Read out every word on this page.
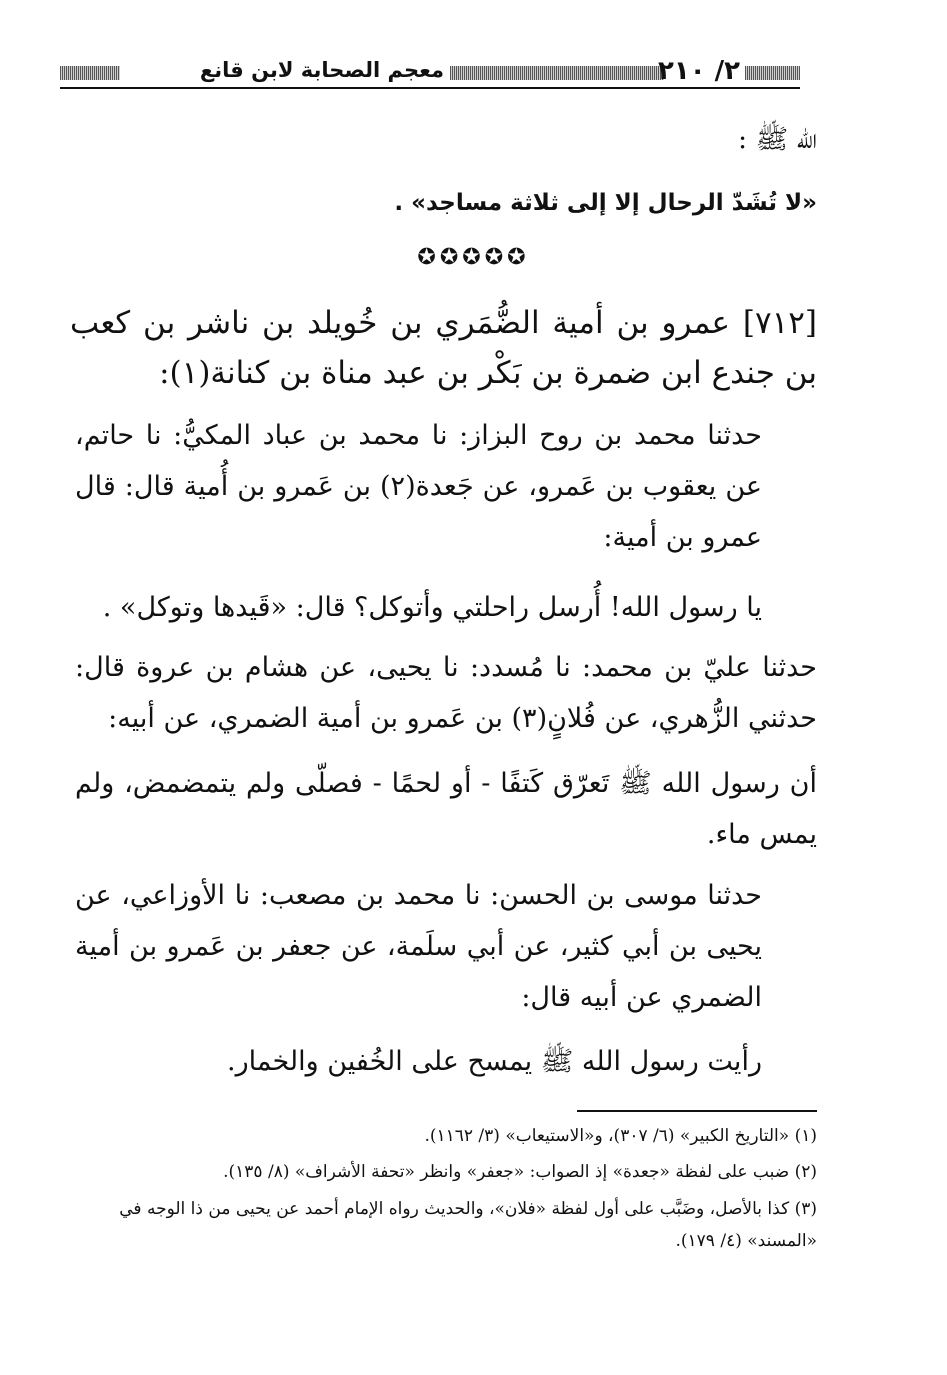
٢/ ٢١٠
معجم الصحابة لابن قانع
الله ﷺ :
«لا تُشَدّ الرحال إلا إلى ثلاثة مساجد» .
✪✪✪✪✪
[٧١٢] عمرو بن أمية الضُّمَري بن خُويلد بن ناشر بن كعب بن جندع ابن ضمرة بن بَكْر بن عبد مناة بن كنانة(١):
حدثنا محمد بن روح البزاز: نا محمد بن عباد المكيُّ: نا حاتم، عن يعقوب بن عَمرو، عن جَعدة(٢) بن عَمرو بن أُمية قال: قال عمرو بن أمية:
يا رسول الله! أُرسل راحلتي وأتوكل؟ قال: «قَيدها وتوكل» .
حدثنا عليّ بن محمد: نا مُسدد: نا يحيى، عن هشام بن عروة قال: حدثني الزُّهري، عن فُلانٍ(٣) بن عَمرو بن أمية الضمري، عن أبيه:
أن رسول الله ﷺ تَعرّق كَتفًا - أو لحمًا - فصلّى ولم يتمضمض، ولم يمس ماء.
حدثنا موسى بن الحسن: نا محمد بن مصعب: نا الأوزاعي، عن يحيى بن أبي كثير، عن أبي سلَمة، عن جعفر بن عَمرو بن أمية الضمري عن أبيه قال:
رأيت رسول الله ﷺ يمسح على الخُفين والخمار.
(١) «التاريخ الكبير» (٦/ ٣٠٧)، و«الاستيعاب» (٣/ ١١٦٢).
(٢) ضبب على لفظة «جعدة» إذ الصواب: «جعفر» وانظر «تحفة الأشراف» (٨/ ١٣٥).
(٣) كذا بالأصل، وضَبَّب على أول لفظة «فلان»، والحديث رواه الإمام أحمد عن يحيى من ذا الوجه في «المسند» (٤/ ١٧٩).
